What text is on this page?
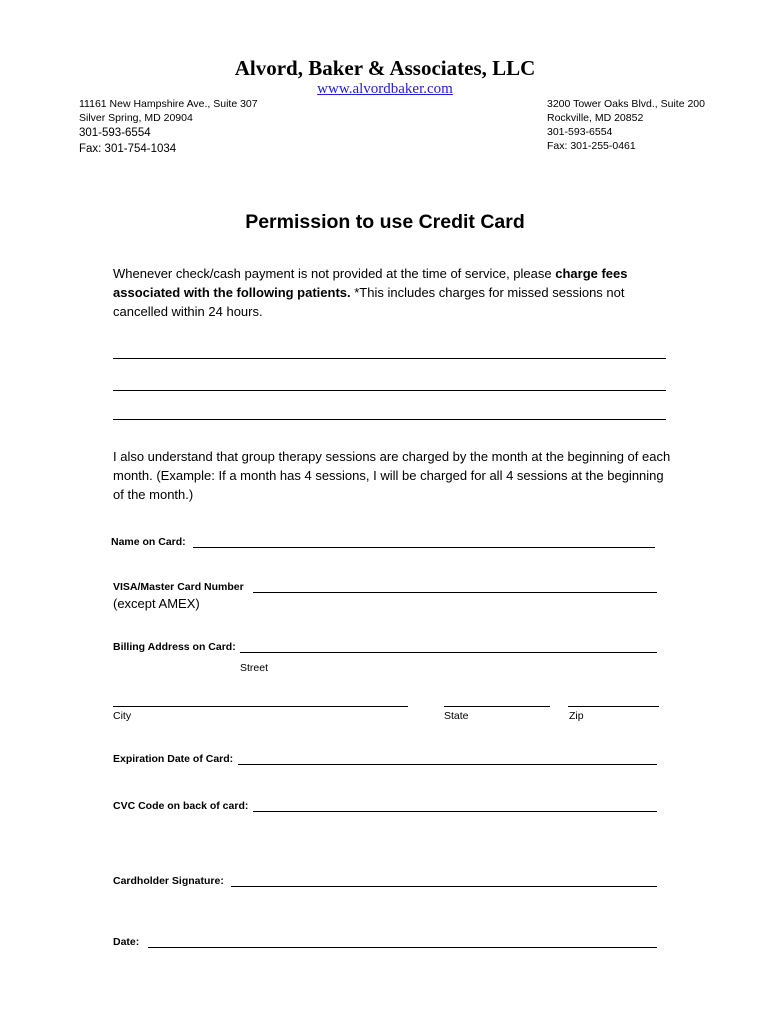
Alvord, Baker & Associates, LLC
www.alvordbaker.com
11161 New Hampshire Ave., Suite 307
Silver Spring, MD 20904
301-593-6554
Fax: 301-754-1034
3200 Tower Oaks Blvd., Suite 200
Rockville, MD 20852
301-593-6554
Fax: 301-255-0461
Permission to use Credit Card
Whenever check/cash payment is not provided at the time of service, please charge fees associated with the following patients. *This includes charges for missed sessions not cancelled within 24 hours.
I also understand that group therapy sessions are charged by the month at the beginning of each month. (Example: If a month has 4 sessions, I will be charged for all 4 sessions at the beginning of the month.)
Name on Card:
VISA/Master Card Number
(except AMEX)
Billing Address on Card:
Street
City	State	Zip
Expiration Date of Card:
CVC Code on back of card:
Cardholder Signature:
Date:
